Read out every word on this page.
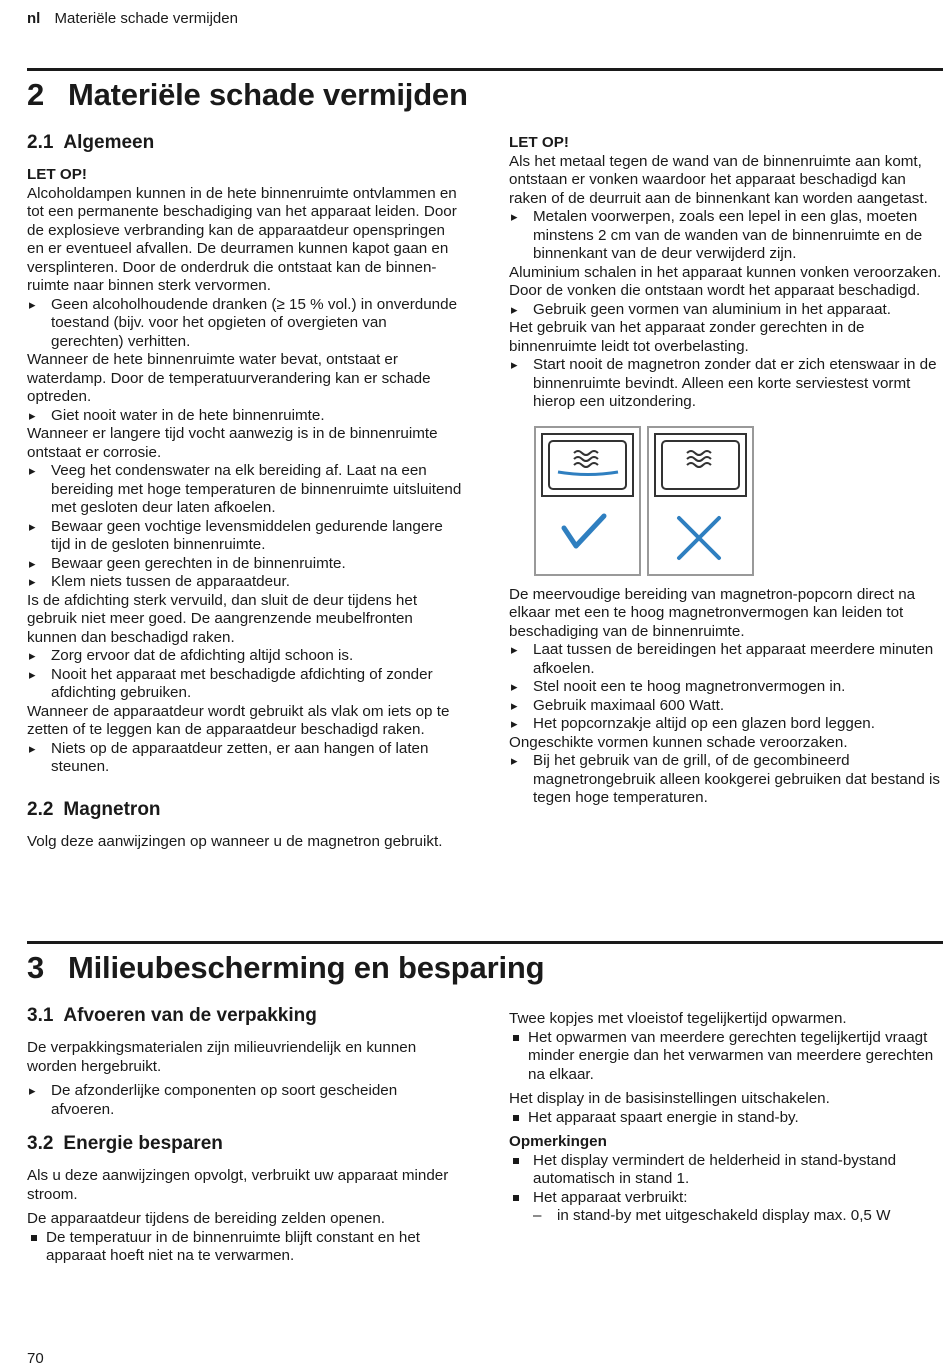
nl Materiële schade vermijden
2 Materiële schade vermijden
2.1 Algemeen

LET OP!

Alcoholdampen kunnen in de hete binnenruimte ontvlammen en tot een permanente beschadiging van het apparaat leiden. Door de explosieve verbranding kan de apparaatdeur openspringen en er eventueel afvallen. De deurramen kunnen kapot gaan en versplinteren. Door de onderdruk die ontstaat kan de binnenruimte naar binnen sterk vervormen.

▸ Geen alcoholhoudende dranken (≥ 15 % vol.) in onverdunde toestand (bijv. voor het opgieten of overgieten van gerechten) verhitten.

Wanneer de hete binnenruimte water bevat, ontstaat er waterdamp. Door de temperatuurverandering kan er schade optreden.

▸ Giet nooit water in de hete binnenruimte.

Wanneer er langere tijd vocht aanwezig is in de binnenruimte ontstaat er corrosie.

▸ Veeg het condenswater na elk bereiding af. Laat na een bereiding met hoge temperaturen de binnenruimte uitsluitend met gesloten deur laten afkoelen.
▸ Bewaar geen vochtige levensmiddelen gedurende langere tijd in de gesloten binnenruimte.
▸ Bewaar geen gerechten in de binnenruimte.
▸ Klem niets tussen de apparaatdeur.

Is de afdichting sterk vervuild, dan sluit de deur tijdens het gebruik niet meer goed. De aangrenzende meubelfronten kunnen dan beschadigd raken.

▸ Zorg ervoor dat de afdichting altijd schoon is.
▸ Nooit het apparaat met beschadigde afdichting of zonder afdichting gebruiken.

Wanneer de apparaatdeur wordt gebruikt als vlak om iets op te zetten of te leggen kan de apparaatdeur beschadigd raken.

▸ Niets op de apparaatdeur zetten, er aan hangen of laten steunen.
2.2 Magnetron

Volg deze aanwijzingen op wanneer u de magnetron gebruikt.

LET OP!

Als het metaal tegen de wand van de binnenruimte aan komt, ontstaan er vonken waardoor het apparaat beschadigd kan raken of de deurruit aan de binnenkant kan worden aangetast.

▸ Metalen voorwerpen, zoals een lepel in een glas, moeten minstens 2 cm van de wanden van de binnenruimte en de binnenkant van de deur verwijderd zijn.

Aluminium schalen in het apparaat kunnen vonken veroorzaken. Door de vonken die ontstaan wordt het apparaat beschadigd.

▸ Gebruik geen vormen van aluminium in het apparaat.

Het gebruik van het apparaat zonder gerechten in de binnenruimte leidt tot overbelasting.

▸ Start nooit de magnetron zonder dat er zich etenswaar in de binnenruimte bevindt. Alleen een korte serviestest vormt hierop een uitzondering.

De meervoudige bereiding van magnetron-popcorn direct na elkaar met een te hoog magnetronvermogen kan leiden tot beschadiging van de binnenruimte.

▸ Laat tussen de bereidingen het apparaat meerdere minuten afkoelen.
▸ Stel nooit een te hoog magnetronvermogen in.
▸ Gebruik maximaal 600 Watt.
▸ Het popcornzakje altijd op een glazen bord leggen.

Ongeschikte vormen kunnen schade veroorzaken.

▸ Bij het gebruik van de grill, of de gecombineerd magnetrongebruik alleen kookgerei gebruiken dat bestand is tegen hoge temperaturen.
3 Milieubescherming en besparing
3.1 Afvoeren van de verpakking

De verpakkingsmaterialen zijn milieuvriendelijk en kunnen worden hergebruikt.

▸ De afzonderlijke componenten op soort gescheiden afvoeren.
3.2 Energie besparen

Als u deze aanwijzingen opvolgt, verbruikt uw apparaat minder stroom.

De apparaatdeur tijdens de bereiding zelden openen.

De temperatuur in de binnenruimte blijft constant en het apparaat hoeft niet na te verwarmen.

Twee kopjes met vloeistof tegelijkertijd opwarmen.

Het opwarmen van meerdere gerechten tegelijkertijd vraagt minder energie dan het verwarmen van meerdere gerechten na elkaar.

Het display in de basisinstellingen uitschakelen.

Het apparaat spaart energie in stand-by.

Opmerkingen

Het display vermindert de helderheid in stand-bystand automatisch in stand 1.
Het apparaat verbruikt:
– in stand-by met uitgeschakeld display max. 0,5 W
70
